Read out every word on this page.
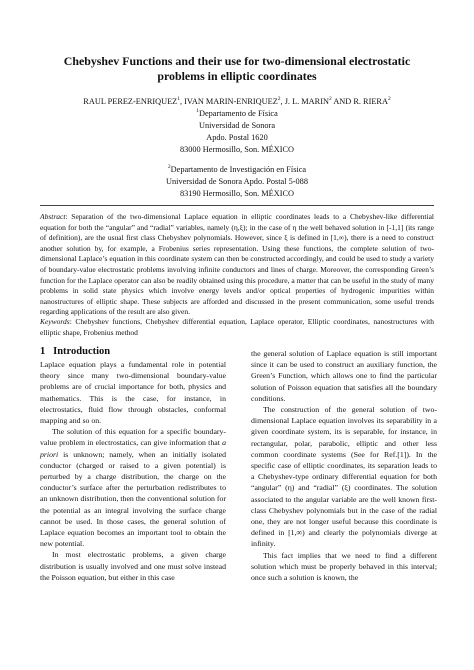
Chebyshev Functions and their use for two-dimensional electrostatic problems in elliptic coordinates
RAUL PEREZ-ENRIQUEZ$^1$, IVAN MARIN-ENRIQUEZ$^2$, J. L. MARIN$^2$ AND R. RIERA$^2$
$^1$Departamento de Física
Universidad de Sonora
Apdo. Postal 1620
83000 Hermosillo, Son. MÉXICO
$^2$Departamento de Investigación en Física
Universidad de Sonora Apdo. Postal 5-088
83190 Hermosillo, Son. MÉXICO

Abstract: Separation of the two-dimensional Laplace equation in elliptic coordinates leads to a Chebyshev-like differential equation for both the “angular” and “radial” variables, namely (η,ξ); in the case of η the well behaved solution in [-1,1] (its range of definition), are the usual first class Chebyshev polynomials. However, since ξ is defined in [1,∞), there is a need to construct another solution by, for example, a Frobenius series representation. Using these functions, the complete solution of two-dimensional Laplace’s equation in this coordinate system can then be constructed accordingly, and could be used to study a variety of boundary-value electrostatic problems involving infinite conductors and lines of charge. Moreover, the corresponding Green’s function for the Laplace operator can also be readily obtained using this procedure, a matter that can be useful in the study of many problems in solid state physics which involve energy levels and/or optical properties of hydrogenic impurities within nanostructures of elliptic shape. These subjects are afforded and discussed in the present communication, some useful trends regarding applications of the result are also given.

Keywords: Chebyshev functions, Chebyshev differential equation, Laplace operator, Elliptic coordinates, nanostructures with elliptic shape, Frobenius method

1 Introduction

Laplace equation plays a fundamental role in potential theory since many two-dimensional boundary-value problems are of crucial importance for both, physics and mathematics. This is the case, for instance, in electrostatics, fluid flow through obstacles, conformal mapping and so on.

The solution of this equation for a specific boundary-value problem in electrostatics, can give information that a priori is unknown; namely, when an initially isolated conductor (charged or raised to a given potential) is perturbed by a charge distribution, the charge on the conductor’s surface after the perturbation redistributes to an unknown distribution, then the conventional solution for the potential as an integral involving the surface charge cannot be used. In those cases, the general solution of Laplace equation becomes an important tool to obtain the new potential.

In most electrostatic problems, a given charge distribution is usually involved and one must solve instead the Poisson equation, but either in this case

the general solution of Laplace equation is still important since it can be used to construct an auxiliary function, the Green’s Function, which allows one to find the particular solution of Poisson equation that satisfies all the boundary conditions.

The construction of the general solution of two-dimensional Laplace equation involves its separability in a given coordinate system, its is separable, for instance, in rectangular, polar, parabolic, elliptic and other less common coordinate systems (See for Ref.[1]). In the specific case of elliptic coordinates, its separation leads to a Chebyshev-type ordinary differential equation for both “angular” (η) and “radial” (ξ) coordinates. The solution associated to the angular variable are the well known first-class Chebyshev polynomials but in the case of the radial one, they are not longer useful because this coordinate is defined in [1,∞) and clearly the polynomials diverge at infinity.

This fact implies that we need to find a different solution which must be properly behaved in this interval; once such a solution is known, the
